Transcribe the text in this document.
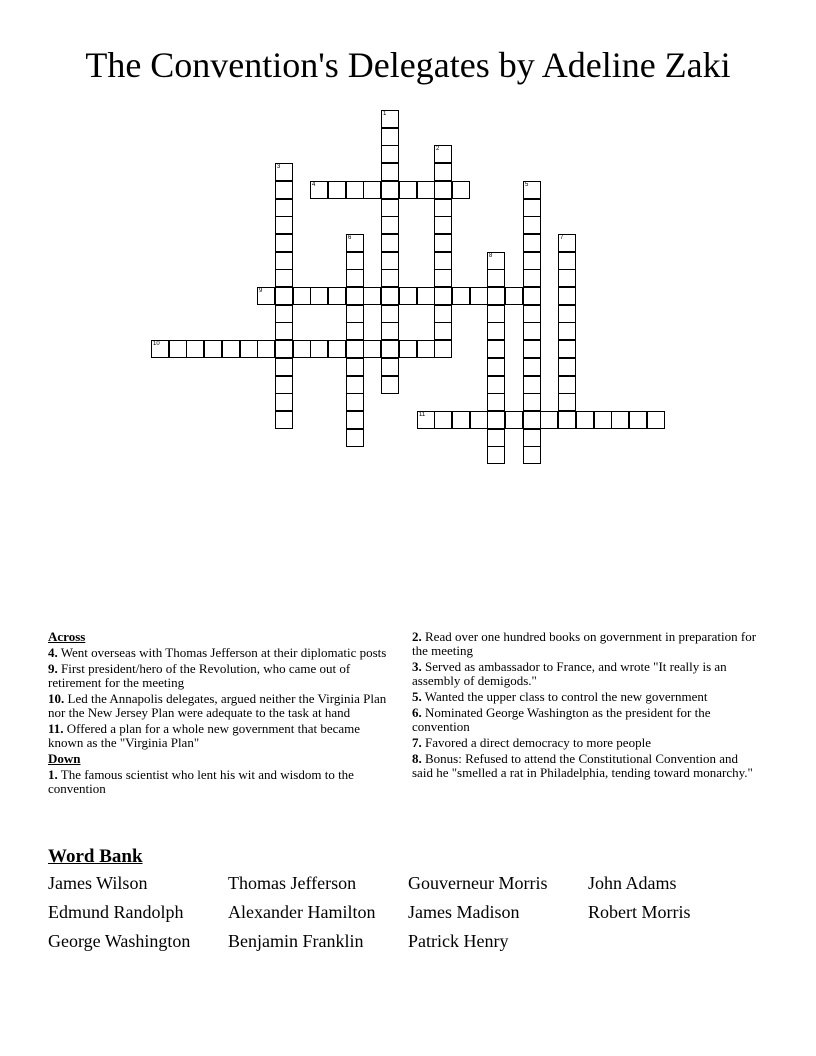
The Convention's Delegates by Adeline Zaki
1
2
3
4	5
6	7
8
9
10
11
Across
4. Went overseas with Thomas Jefferson at their diplomatic posts
9. First president/hero of the Revolution, who came out of retirement for the meeting
10. Led the Annapolis delegates, argued neither the Virginia Plan nor the New Jersey Plan were adequate to the task at hand
11. Offered a plan for a whole new government that became known as the "Virginia Plan"
Down
1. The famous scientist who lent his wit and wisdom to the convention
2. Read over one hundred books on government in preparation for the meeting
3. Served as ambassador to France, and wrote "It really is an assembly of demigods."
5. Wanted the upper class to control the new government
6. Nominated George Washington as the president for the convention
7. Favored a direct democracy to more people
8. Bonus: Refused to attend the Constitutional Convention and said he "smelled a rat in Philadelphia, tending toward monarchy."
Word Bank
James Wilson	Thomas Jefferson	Gouverneur Morris	John Adams
Edmund Randolph	Alexander Hamilton	James Madison	Robert Morris
George Washington	Benjamin Franklin	Patrick Henry
